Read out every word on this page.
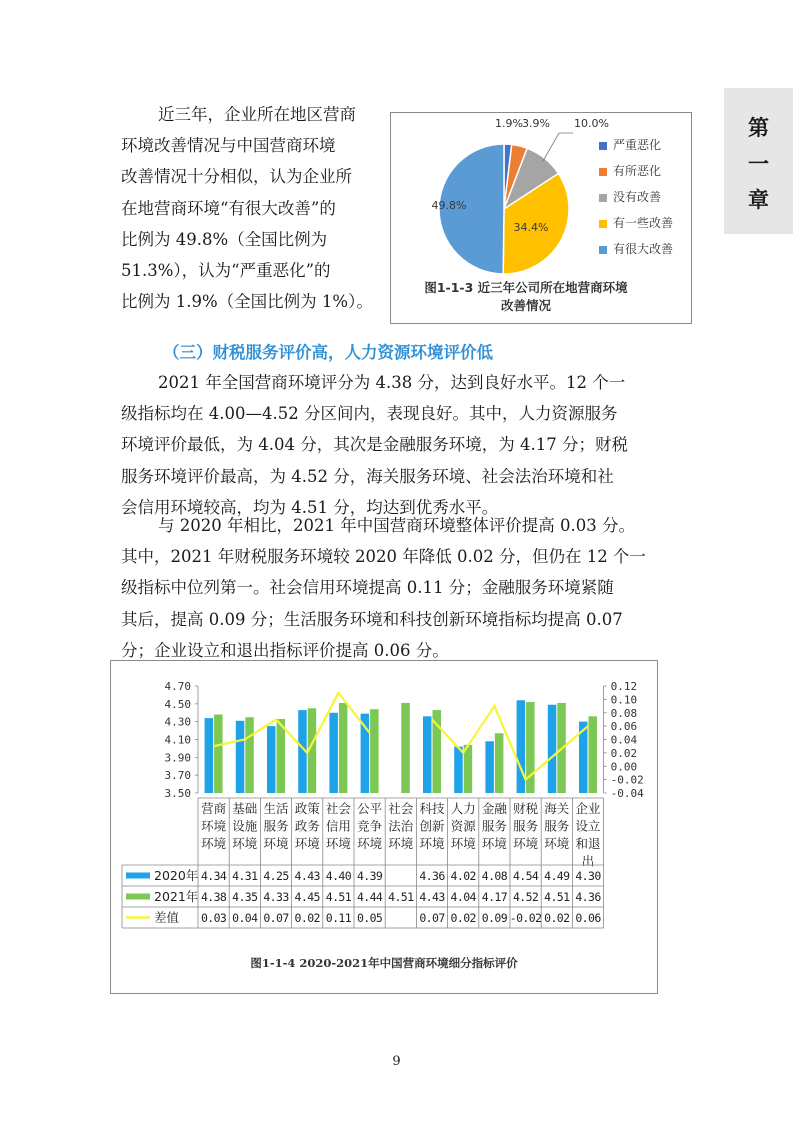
第
一
章
近三年，企业所在地区营商
环境改善情况与中国营商环境
改善情况十分相似，认为企业所
在地营商环境“有很大改善”的
比例为 49.8%（全国比例为
51.3%），认为“严重恶化”的
比例为 1.9%（全国比例为 1%）。
1.9% 3.9% 10.0%
34.4%
49.8%
严重恶化
有所恶化
没有改善
有一些改善
有很大改善
图1-1-3 近三年公司所在地营商环境
改善情况
（三）财税服务评价高，人力资源环境评价低
2021 年全国营商环境评分为 4.38 分，达到良好水平。12 个一
级指标均在 4.00—4.52 分区间内，表现良好。其中，人力资源服务
环境评价最低，为 4.04 分，其次是金融服务环境，为 4.17 分；财税
服务环境评价最高，为 4.52 分，海关服务环境、社会法治环境和社
会信用环境较高，均为 4.51 分，均达到优秀水平。
与 2020 年相比，2021 年中国营商环境整体评价提高 0.03 分。
其中，2021 年财税服务环境较 2020 年降低 0.02 分，但仍在 12 个一
级指标中位列第一。社会信用环境提高 0.11 分；金融服务环境紧随
其后，提高 0.09 分；生活服务环境和科技创新环境指标均提高 0.07
分；企业设立和退出指标评价提高 0.06 分。
4.70
4.50
4.30
4.10
3.90
3.70
3.50
0.12
0.10
0.08
0.06
0.04
0.02
0.00
-0.02
-0.04
营商
环境
环境
基础
设施
环境
生活
服务
环境
政策
政务
环境
社会
信用
环境
公平
竞争
环境
社会
法治
环境
科技
创新
环境
人力
资源
环境
金融
服务
环境
财税
服务
环境
海关
服务
环境
企业
设立
和退
出
2020年 4.34 4.31 4.25 4.43 4.40 4.39	4.36 4.02 4.08 4.54 4.49 4.30
2021年 4.38 4.35 4.33 4.45 4.51 4.44 4.51 4.43 4.04 4.17 4.52 4.51 4.36
差值 0.03 0.04 0.07 0.02 0.11 0.05	0.07 0.02 0.09 -0.02 0.02 0.06
图1-1-4 2020-2021年中国营商环境细分指标评价
9
